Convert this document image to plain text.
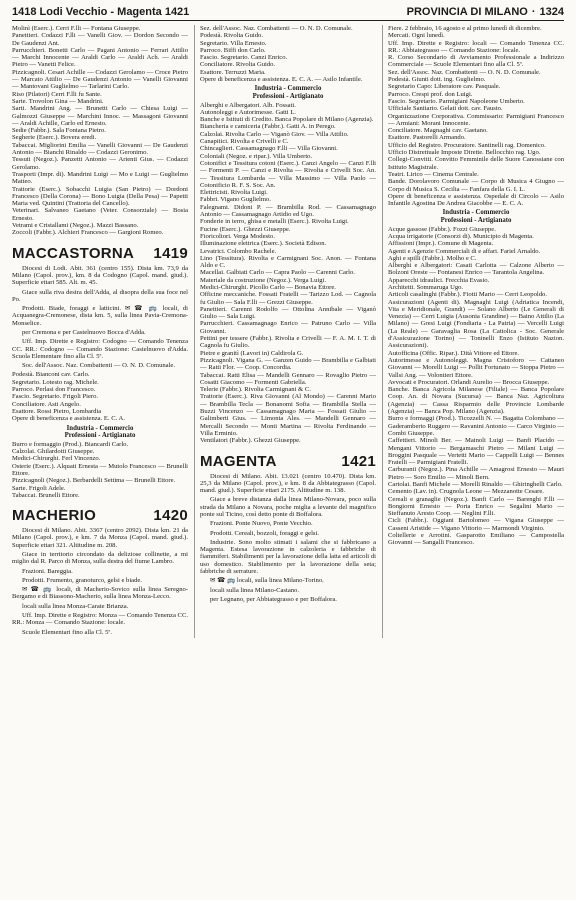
1418 Lodi Vecchio - Magenta 1421	PROVINCIA DI MILANO · 1324

Molinì (Eserc.). Cerri F.lli — Fontana Giuseppe.

Panettieri. Codazzi F.lli — Vanelli Giov. — Dordon Secondo — De Gaudenzi Ant.

Parrucchieri. Bonetti Carlo — Pagani Antonio — Ferrari Attilio — Marchi Innocente — Araldi Carlo — Araldi Ach. — Araldi Pietro — Vanetti Felice.

Pizzicagnoli. Cesari Achille — Codazzi Gerolamo — Croce Pietro — Marcato Attilio — De Gaudenzi Antonio — Vanelli Giovanni — Mantovani Guglielmo — Tarlarini Carlo.

Riso (Pilatori) Cerri F.lli fu Sante.

Sarte. Trovolon Gina — Mandrini.

Sarti. Mandrini Ang. — Brunetti Carlo — Chiesa Luigi — Galmozzi Giuseppe — Marchini Innoc. — Massagoni Giovanni — Araldi Achille, Carlo ed Ernesto.

Sedie (Fabbr.). Sala Fontana Pietro.

Segherie (Eserc.). Bovera eredi.

Tabaccai. Migliorini Emilia — Vanelli Giovanni — De Gaudenzi Antonio — Bianchi Rinaldo — Codazzi Geronimo.

Tessuti (Negoz.). Panzetti Antonio — Arienti Gius. — Codazzi Gerolamo.

Trasporti (Impr. di). Mandrini Luigi — Mo e Luigi — Guglielmo Matteo.

Trattorie (Eserc.). Sobacchi Luigia (San Pietro) — Dordoni Francesco (Della Corona) — Bono Luigia (Della Pesa) — Papetti Maria ved. Quintini (Trattoria del Cancello).

Veterinari. Salvaneo Gaetano (Veter. Consorziale) — Bosia Ernesto.

Vetrami e Cristallami (Negoz.). Mazzi Bassano.

Zoccoli (Fabbr.). Alchieri Francesco — Gargioni Romeo.

MACCASTORNA 1419

Diocesi di Lodi. Abit. 361 (centro 155). Dista km. 73,9 da Milano (Capol. prov.), km. 8 da Codogno (Capol. mand. giud.). Superficie ettari 585. Alt. m. 45.

Giace sulla riva destra dell'Adda, al disopra della sua foce nel Po.

Prodotti. Biade, foraggi e latticini. ✉ ☎ 🚌 locali, di Acquanegra-Cremonese, dista km. 5, sulla linea Pavia-Cremona-Monselice.

per Cremona e per Castelnuovo Bocca d'Adda.

Uff. Imp. Dirette e Registro: Codogno — Comando Tenenza CC. RR.: Codogno — Comando Stazione: Castelnuovo d'Adda. Scuola Elementare fino alla Cl. 5ª.

Soc. dell'Assoc. Naz. Combattenti — O. N. D. Comunale.

Podestà. Bianconi cav. Carlo.

Segretario. Lotesto rag. Michele.

Parroco. Perlasi don Francesco.

Fascio. Segretario. Frigoli Piero.

Conciliatore. Asti Angelo.

Esattore. Rossi Pietro, Lombardia

Opere di beneficenza e assistenza. E. C. A.

Industria - Commercio
Professioni - Artigianato

Burro e formaggio (Prod.). Biancardi Carlo.

Calzolai. Ghilardotti Giuseppe.

Medici-Chirurghi. Ferl Vincenzo.

Osterie (Eserc.). Alquati Ernesta — Mutolo Francesco — Brunelli Ettore.

Pizzicagnoli (Negoz.). Berbardelli Settima — Brunelli Ettore.

Sarte. Frigoli Adele.

Tabaccai. Brunelli Ettore.

MACHERIO	1420

Diocesi di Milano. Abit. 3367 (centro 2092). Dista km. 21 da Milano (Capol. prov.), e km. 7 da Monza (Capol. mand. giud.). Superficie ettari 321. Altitudine m. 208.

Giace in territorio circondato da deliziose collinette, a mi miglio dal R. Parco di Monza, sulla destra del fiume Lambro.

Frazioni. Bareggia.

Prodotti. Frumento, granoturco, gelsi e biade.

✉ ☎ 🚌 locali, di Macherio-Sovico sulla linea Seregno-Bergamo e di Biassono-Macherio, sulla linea Monza-Lecco.

locali sulla linea Monza-Carate Brianza.

Uff. Imp. Dirette e Registro: Monza — Comando Tenenza CC. RR.: Monza — Comando Stazione: locale.

Scuole Elementari fino alla Cl. 5ª.

Sez. dell'Assoc. Naz. Combattenti — O. N. D. Comunale.

Podestà. Rivolta Guido.

Segretario. Villa Ernesto.

Parroco. Biffi don Carlo.

Fascio. Segretario. Canzi Enrico.

Conciliatore. Rivolta Guido.

Esattore. Terruzzi Maria.

Opere di beneficenza e assistenza. E. C. A. — Asilo Infantile.

Industria - Commercio
Professioni - Artigianato

Alberghi e Albergatori. Alb. Fossati.

Autonoleggi e Autorimesse. Gatti L.

Banche e Istituti di Credito. Banca Popolare di Milano (Agenzia).

Biancheria e camiceria (Fabbr.). Gatti A. in Perego.

Calzolai. Rivolta Carlo — Viganò Giov. — Villa Attilio.

Canapitici. Rivolta e Crivelli e C.

Chincaglieri. Cassamagnago F.lli — Villa Giovanni.

Coloniali (Negoz. e ripar.). Villa Umberto.

Cotonifici e Tessitura cotoni (Eserc.). Canzi Angelo — Canzi F.lli — Formenti P. — Canzi e Rivolta — Rivolta e Crivelli Soc. An. — Tessitura Lombarda — Villa Massimo — Villa Paolo — Cotonificio R. F. S. Soc. An.

Elettricisti. Rivolta Luigi.

Fabbri. Vigano Guglielmo.

Falegnami. Didoni P. — Brambilla Rod. — Cassamagnago Antonio — Cassamagnago Artidio ed Ugo.

Fonderie in terro, ghisa e metalli (Eserc.). Rivolta Luigi.

Fucine (Eserc.). Ghezzi Giuseppe.

Fioricoltori. Verga Modesto.

Illuminazione elettrica (Eserc.). Società Edison.

Levatrici. Colombo Rachele.

Lino (Tessitura). Rivolta e Carmignani Soc. Anon. — Fontana Aldo e C.

Macellai. Galbiati Carlo — Capra Paolo — Carenni Carlo.

Materiale da costruzione (Negoz.). Verga Luigi.

Medici-Chirurghi. Picollo Carlo — Bonavia Ettore.

Officine meccaniche. Fossati Fratelli — Tarizzo Lod. — Cagnola fu Giulio — Sala F.lli — Grezzi Giuseppe.

Panettieri. Carenni Rodolfo — Ottolina Annibale — Viganò Giulio — Sala Luigi.

Parrucchieri. Cassamagnago Enrico — Patruno Carlo — Villa Giovanni.

Pettini per tessere (Fabbr.). Rivolta e Crivelli — F. A. M. I. T. di Cagnola fu Giulio.

Pietre e granitì (Lavori in) Caldirola G.

Pizzicagnoli. Vigana G. — Ganzen Guido — Brambilla e Galbiati — Ratti Flor. — Coop. Concordia.

Tabaccai. Ratti Elisa — Mandelli Gennaro — Rovaglio Pietro — Cosatti Giacomo — Formenti Gabriella.

Telerie (Fabbr.). Rivolta Carmignani & C.

Trattorie (Eserc.). Riva Giovanni (Al Mondo) — Carenni Mario — Brambilla Tecla — Bonanomi Sofia — Brambilla Stella — Buzzi Vincenzo — Cassamagnago Maria — Fossati Giulio — Galimberti Gius. — Limonta Ales. — Mandelli Gennaro — Mercalli Secondo — Monti Martina — Rivolta Ferdinando — Villa Erminio.

Ventilatori (Fabbr.). Ghezzi Giuseppe.

MAGENTA	1421

Diocesi di Milano. Abit. 13.021 (centro 10.470). Dista km. 25,3 da Milano (Capol. prov.), e km. 8 da Abbiategrasso (Capol. mand. giud.). Superficie ettari 2175. Altitudine m. 138.

Giace a breve distanza dalla linea Milano-Novara, poco sulla strada da Milano a Novara, poche miglia a levante del magnifico ponte sul Ticino, così detto ponte di Boffalora.

Frazioni. Ponte Nuovo, Ponte Vecchio.

Prodotti. Cereali, bozzoli, foraggi e gelsi.

Industrie. Sono molto stimati i salami che si fabbricano a Magenta. Estesa lavorazione in calzoleria e fabbriche di fiammiferi. Stabilimenti per la lavorazione della latta ed articoli di uso domestico. Stabilimento per la lavorazione della seta; fabbriche di serrature.

✉ ☎ 🚌 locali, sulla linea Milano-Torino.

locali sulla linea Milano-Castano.

per Legnano, per Abbiategrasso e per Boffalora.

Fiere. 2 febbraio, 16 agosto e al primo lunedì di dicembre.

Mercati. Ogni lunedì.

Uff. Imp. Dirette e Registro: locali — Comando Tenenza CC. RR.: Abbiategrasso — Comando Stazione: locale.

R. Corso Secondario di Avviamento Professionale a Indirizzo Commerciale — Scuole Elementari fino alla Cl. 5ª.

Sez. dell'Assoc. Naz. Combattenti — O. N. D. Comunale.

Podestà. Giunti dott. ing. Guglielmo.

Segretario Capo: Liberatore cav. Pasquale.

Parroco. Crespi prof. don Luigi.

Fascio. Segretario. Parmigiani Napoleone Umberto.

Ufficiale Sanitario. Gelati dott. cav. Fausto.

Organizzazione Corporativa. Commissario: Parmigiani Francesco — Armiani: Morani Innocente.

Conciliatore. Magnaghi cav. Gaetano.

Esattore. Pastorelli Armando.

Ufficio del Registro. Procuratore. Santinelli rag. Domenico.

Ufficio Distrettuale Imposte Dirette. Bellocchio rag. Ugo.

Collegi-Convitti. Convitto Femminile delle Suore Canossiane con Istituto Magistrale.

Teatri. Lirico — Cinema Centrale.

Bande. Dorolavoro Comunale — Corpo di Musica 4 Giugno — Corpo di Musica S. Cecilia — Fanfara della G. I. L.

Opere di beneficenza e assistenza. Ospedale di Circolo — Asilo Infantile Agostina De Andrea Giacobbe — E. C. A.

Industria - Commercio
Professioni - Artigianato

Acque gassose (Fabbr.). Fozzi Giuseppe.

Acqua irrigatorie (Consorzi di). Municipio di Magenta.

Affissioni (Impr.). Comune di Magenta.

Agenti e Agenzie Commerciali di e affari. Fariel Arnaldo.

Aghi e spilli (Fabbr.). Molho e C.

Alberghi e Albergatori: Casati Carlotta — Calzone Alberto — Bolzoni Oreste — Fontanesi Enrico — Tarantola Angelina.

Apparecchi idraulici. Frecchia Evasio.

Architetti. Sommaruga Ugo.

Articoli casalinghi (Fabbr.). Fiotti Mario — Cerri Leopoldo.

Assicurazioni (Agenti di). Magnaghi Luigi (Adriatica Incendi, Vita e Meridionale, Grandi) — Solano Alberto (Le Generali di Venezia) — Cerri Luigia (Ausonia Grandine) — Baino Attilio (La Milano) — Gresi Luigi (Fondiaria - La Patria) — Vercelli Luigi (La Reale) — Garavaglia Rosa (La Cattolica - Soc. Generale d'Assicurazione Torino) — Toninelli Enzo (Istituto Nazion. Assicurazioni).

Autofficina (Offic. Ripar.). Dità Vittore ed Ettore.

Autorimesse e Autonoleggi. Magna Cristoforo — Cattaneo Giovanni — Morelli Luigi — Pollit Fortunato — Stoppa Pietro — Vallsi Ang. — Volontieri Ettore.

Avvocati e Procuratori. Orlandi Aurelio — Brocca Giuseppe.

Banche. Banca Agricola Milanese (Filiale) — Banca Popolare Coop. An. di Novara (Sucursa) — Banca Naz. Agricoltura (Agenzia) — Cassa Risparmio delle Provincie Lombarde (Agenzia) — Banca Pop. Milano (Agenzia).

Burro e formaggi (Prod.). Ticozzelli N. — Bagatta Colombano — Gaderamberto Ruggero — Ravanini Antonio — Carco Virginio — Combi Giuseppe.

Caffettieri. Minoli Ber. — Mainoli Luigi — Banfi Placido — Mengani Vittorio — Bergamaschi Pietro — Milani Luigi — Broggini Pasquale — Vertetti Mario — Cappelli Luigi — Bennes Fratelli — Parmigiani Fratelli.

Carburanti (Negoz.). Pina Achille — Amagrosi Ernesto — Mauri Pietro — Soro Emilio — Minoli Bern.

Cartolai. Banfi Michele — Morelli Rinaldo — Ghiringhelli Carlo.

Cemento (Lav. in). Crugnola Leone — Mezzanotte Cesare.

Cereali e granaglie (Negoz.). Banfi Carlo — Barenghi F.lli — Bongiorni Ernesto — Porta Enrico — Segalini Mario — Steffanuto Aresto Coop. — Neglini F.lli.

Cicli (Fabbr.). Oggiani Bartolomeo — Vigana Giuseppe — Casseni Aristide — Vigano Vittorio — Marmondi Virginio.

Coltellerie e Arrotini. Gasparotto Emiliano — Campostella Giovanni — Sangalli Francesco.
